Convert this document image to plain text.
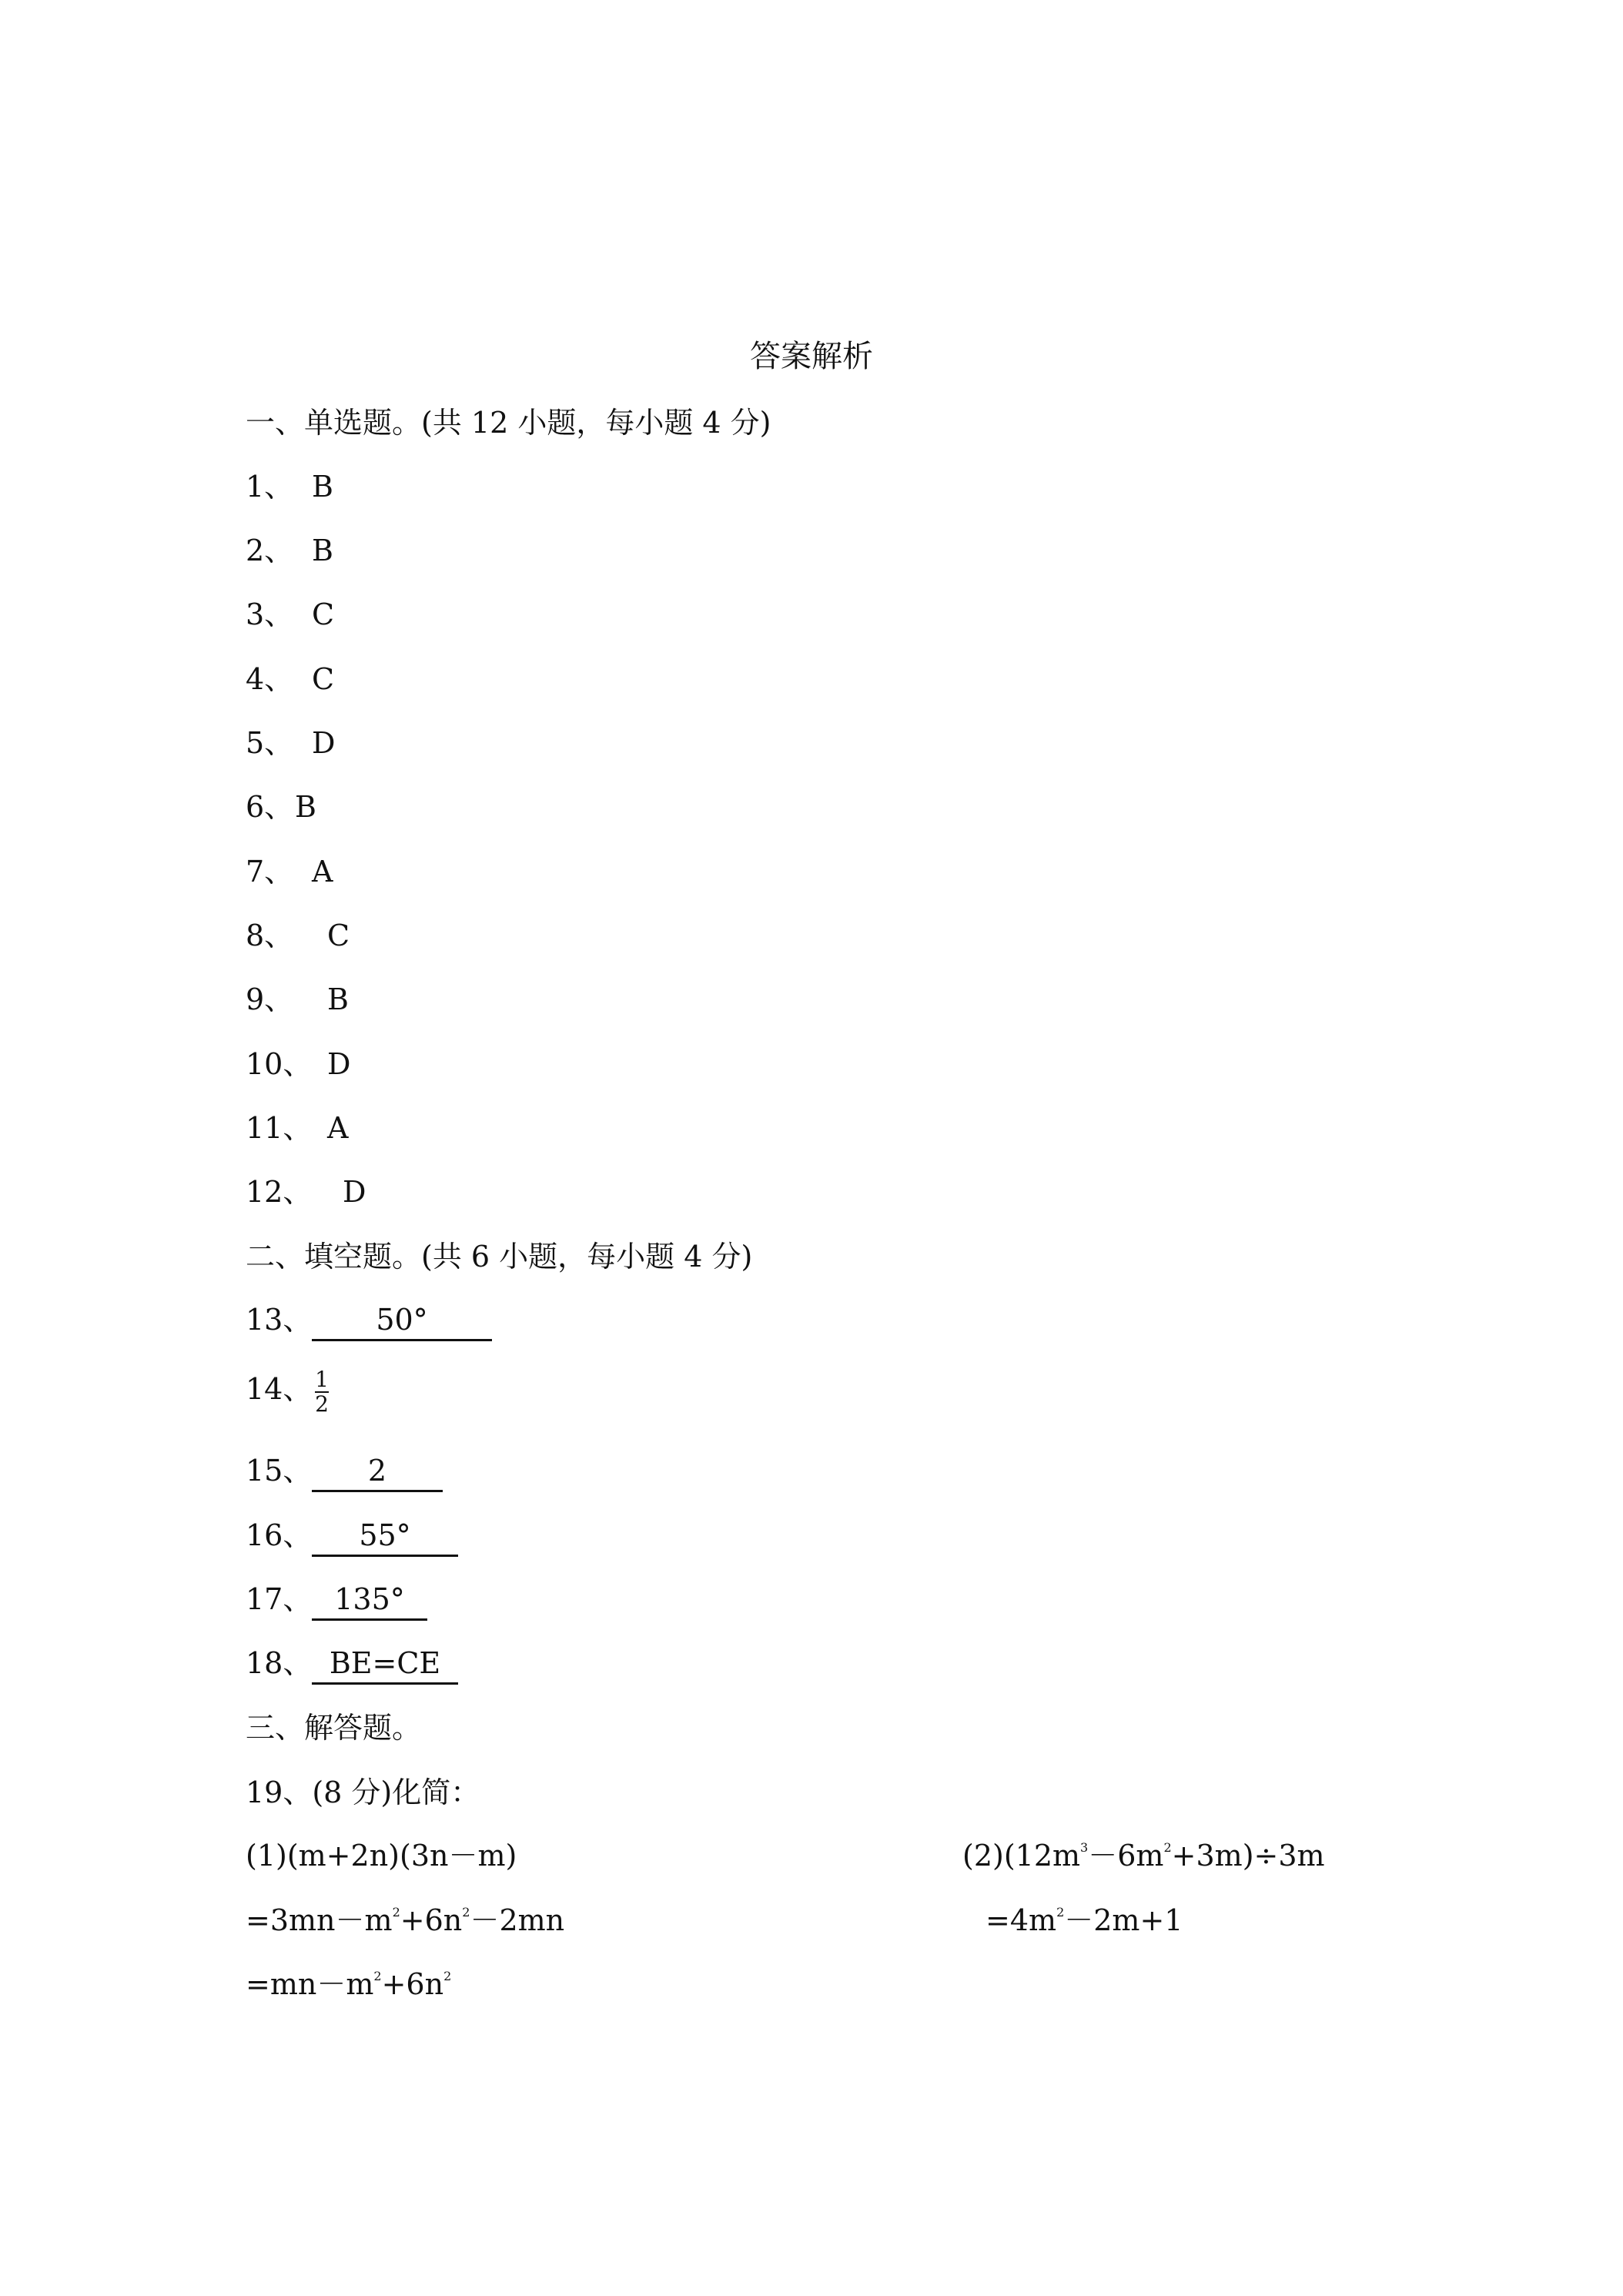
答案解析
一、单选题。(共 12 小题，每小题 4 分)
1、 B
2、 B
3、 C
4、 C
5、 D
6、B
7、 A
8、 C
9、 B
10、 D
11、 A
12、 D
二、填空题。(共 6 小题，每小题 4 分)
13、 50°
14、 $\frac{1}{2}$
15、 2
16、 55°
17、 135°
18、 BE=CE
三、解答题。
19、(8 分)化简：
(1)(m+2n)(3n－m)	$(2)(12m^3-6m^2+3m)\div 3m$
$=3mn-m^2+6n^2-2mn$	$=4m^2-2m+1$
$=mn-m^2+6n^2$
